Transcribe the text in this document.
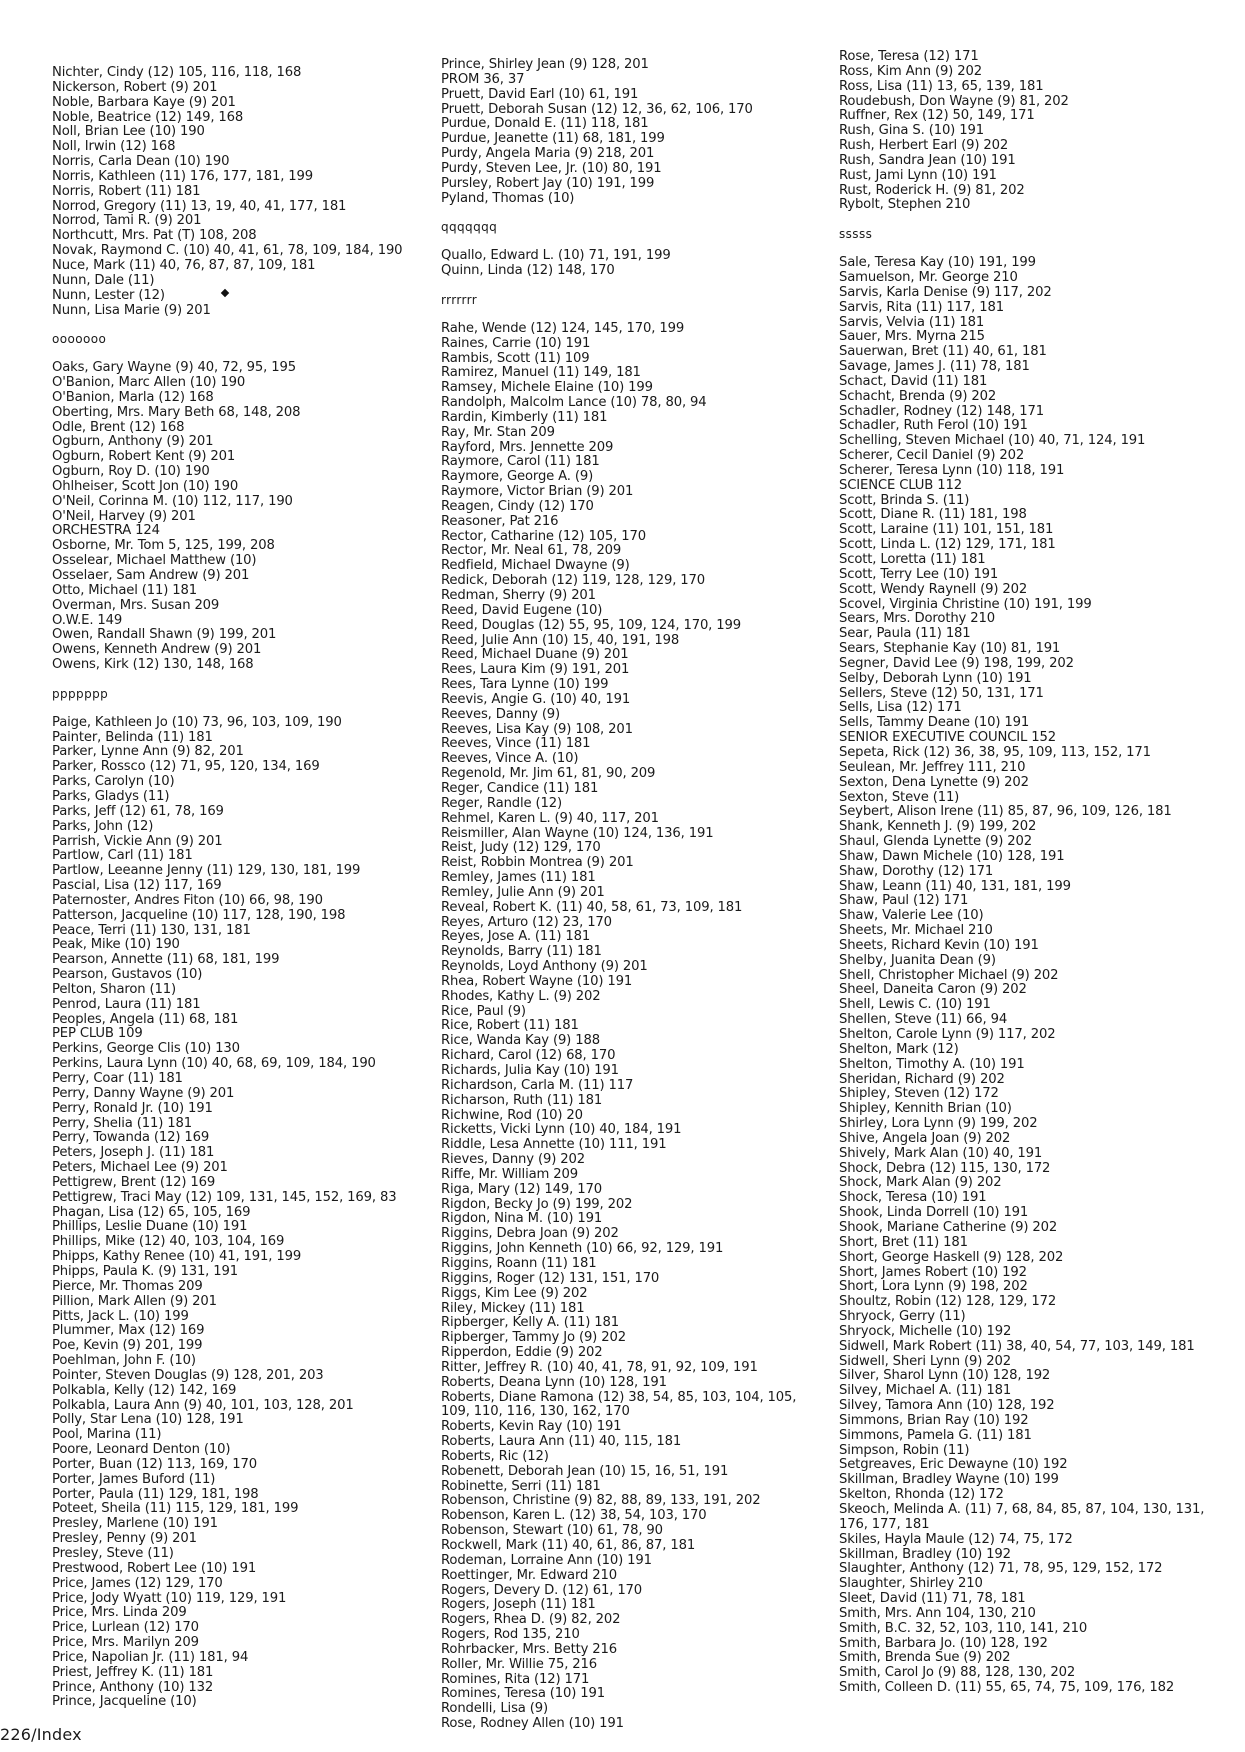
Nichter, Cindy (12) 105, 116, 118, 168
Nickerson, Robert (9) 201
Noble, Barbara Kaye (9) 201
Noble, Beatrice (12) 149, 168
Noll, Brian Lee (10) 190
Noll, Irwin (12) 168
Norris, Carla Dean (10) 190
Norris, Kathleen (11) 176, 177, 181, 199
Norris, Robert (11) 181
Norrod, Gregory (11) 13, 19, 40, 41, 177, 181
Norrod, Tami R. (9) 201
Northcutt, Mrs. Pat (T) 108, 208
Novak, Raymond C. (10) 40, 41, 61, 78, 109, 184, 190
Nuce, Mark (11) 40, 76, 87, 87, 109, 181
Nunn, Dale (11)
Nunn, Lester (12)
Nunn, Lisa Marie (9) 201
ooooooo
Oaks, Gary Wayne (9) 40, 72, 95, 195
O'Banion, Marc Allen (10) 190
O'Banion, Marla (12) 168
Oberting, Mrs. Mary Beth 68, 148, 208
Odle, Brent (12) 168
Ogburn, Anthony (9) 201
Ogburn, Robert Kent (9) 201
Ogburn, Roy D. (10) 190
Ohlheiser, Scott Jon (10) 190
O'Neil, Corinna M. (10) 112, 117, 190
O'Neil, Harvey (9) 201
ORCHESTRA 124
Osborne, Mr. Tom 5, 125, 199, 208
Osselear, Michael Matthew (10)
Osselaer, Sam Andrew (9) 201
Otto, Michael (11) 181
Overman, Mrs. Susan 209
O.W.E. 149
Owen, Randall Shawn (9) 199, 201
Owens, Kenneth Andrew (9) 201
Owens, Kirk (12) 130, 148, 168
ppppppp
Paige, Kathleen Jo (10) 73, 96, 103, 109, 190
Painter, Belinda (11) 181
Parker, Lynne Ann (9) 82, 201
Parker, Rossco (12) 71, 95, 120, 134, 169
Parks, Carolyn (10)
Parks, Gladys (11)
Parks, Jeff (12) 61, 78, 169
Parks, John (12)
Parrish, Vickie Ann (9) 201
Partlow, Carl (11) 181
Partlow, Leeanne Jenny (11) 129, 130, 181, 199
Pascial, Lisa (12) 117, 169
Paternoster, Andres Fiton (10) 66, 98, 190
Patterson, Jacqueline (10) 117, 128, 190, 198
Peace, Terri (11) 130, 131, 181
Peak, Mike (10) 190
Pearson, Annette (11) 68, 181, 199
Pearson, Gustavos (10)
Pelton, Sharon (11)
Penrod, Laura (11) 181
Peoples, Angela (11) 68, 181
PEP CLUB 109
Perkins, George Clis (10) 130
Perkins, Laura Lynn (10) 40, 68, 69, 109, 184, 190
Perry, Coar (11) 181
Perry, Danny Wayne (9) 201
Perry, Ronald Jr. (10) 191
Perry, Shelia (11) 181
Perry, Towanda (12) 169
Peters, Joseph J. (11) 181
Peters, Michael Lee (9) 201
Pettigrew, Brent (12) 169
Pettigrew, Traci May (12) 109, 131, 145, 152, 169, 83
Phagan, Lisa (12) 65, 105, 169
Phillips, Leslie Duane (10) 191
Phillips, Mike (12) 40, 103, 104, 169
Phipps, Kathy Renee (10) 41, 191, 199
Phipps, Paula K. (9) 131, 191
Pierce, Mr. Thomas 209
Pillion, Mark Allen (9) 201
Pitts, Jack L. (10) 199
Plummer, Max (12) 169
Poe, Kevin (9) 201, 199
Poehlman, John F. (10)
Pointer, Steven Douglas (9) 128, 201, 203
Polkabla, Kelly (12) 142, 169
Polkabla, Laura Ann (9) 40, 101, 103, 128, 201
Polly, Star Lena (10) 128, 191
Pool, Marina (11)
Poore, Leonard Denton (10)
Porter, Buan (12) 113, 169, 170
Porter, James Buford (11)
Porter, Paula (11) 129, 181, 198
Poteet, Sheila (11) 115, 129, 181, 199
Presley, Marlene (10) 191
Presley, Penny (9) 201
Presley, Steve (11)
Prestwood, Robert Lee (10) 191
Price, James (12) 129, 170
Price, Jody Wyatt (10) 119, 129, 191
Price, Mrs. Linda 209
Price, Lurlean (12) 170
Price, Mrs. Marilyn 209
Price, Napolian Jr. (11) 181, 94
Priest, Jeffrey K. (11) 181
Prince, Anthony (10) 132
Prince, Jacqueline (10)
Prince, Shirley Jean (9) 128, 201
PROM 36, 37
Pruett, David Earl (10) 61, 191
Pruett, Deborah Susan (12) 12, 36, 62, 106, 170
Purdue, Donald E. (11) 118, 181
Purdue, Jeanette (11) 68, 181, 199
Purdy, Angela Maria (9) 218, 201
Purdy, Steven Lee, Jr. (10) 80, 191
Pursley, Robert Jay (10) 191, 199
Pyland, Thomas (10)
qqqqqqq
Quallo, Edward L. (10) 71, 191, 199
Quinn, Linda (12) 148, 170
rrrrrrr
Rahe, Wende (12) 124, 145, 170, 199
Raines, Carrie (10) 191
Rambis, Scott (11) 109
Ramirez, Manuel (11) 149, 181
Ramsey, Michele Elaine (10) 199
Randolph, Malcolm Lance (10) 78, 80, 94
Rardin, Kimberly (11) 181
Ray, Mr. Stan 209
Rayford, Mrs. Jennette 209
Raymore, Carol (11) 181
Raymore, George A. (9)
Raymore, Victor Brian (9) 201
Reagen, Cindy (12) 170
Reasoner, Pat 216
Rector, Catharine (12) 105, 170
Rector, Mr. Neal 61, 78, 209
Redfield, Michael Dwayne (9)
Redick, Deborah (12) 119, 128, 129, 170
Redman, Sherry (9) 201
Reed, David Eugene (10)
Reed, Douglas (12) 55, 95, 109, 124, 170, 199
Reed, Julie Ann (10) 15, 40, 191, 198
Reed, Michael Duane (9) 201
Rees, Laura Kim (9) 191, 201
Rees, Tara Lynne (10) 199
Reevis, Angie G. (10) 40, 191
Reeves, Danny (9)
Reeves, Lisa Kay (9) 108, 201
Reeves, Vince (11) 181
Reeves, Vince A. (10)
Regenold, Mr. Jim 61, 81, 90, 209
Reger, Candice (11) 181
Reger, Randle (12)
Rehmel, Karen L. (9) 40, 117, 201
Reismiller, Alan Wayne (10) 124, 136, 191
Reist, Judy (12) 129, 170
Reist, Robbin Montrea (9) 201
Remley, James (11) 181
Remley, Julie Ann (9) 201
Reveal, Robert K. (11) 40, 58, 61, 73, 109, 181
Reyes, Arturo (12) 23, 170
Reyes, Jose A. (11) 181
Reynolds, Barry (11) 181
Reynolds, Loyd Anthony (9) 201
Rhea, Robert Wayne (10) 191
Rhodes, Kathy L. (9) 202
Rice, Paul (9)
Rice, Robert (11) 181
Rice, Wanda Kay (9) 188
Richard, Carol (12) 68, 170
Richards, Julia Kay (10) 191
Richardson, Carla M. (11) 117
Richarson, Ruth (11) 181
Richwine, Rod (10) 20
Ricketts, Vicki Lynn (10) 40, 184, 191
Riddle, Lesa Annette (10) 111, 191
Rieves, Danny (9) 202
Riffe, Mr. William 209
Riga, Mary (12) 149, 170
Rigdon, Becky Jo (9) 199, 202
Rigdon, Nina M. (10) 191
Riggins, Debra Joan (9) 202
Riggins, John Kenneth (10) 66, 92, 129, 191
Riggins, Roann (11) 181
Riggins, Roger (12) 131, 151, 170
Riggs, Kim Lee (9) 202
Riley, Mickey (11) 181
Ripberger, Kelly A. (11) 181
Ripberger, Tammy Jo (9) 202
Ripperdon, Eddie (9) 202
Ritter, Jeffrey R. (10) 40, 41, 78, 91, 92, 109, 191
Roberts, Deana Lynn (10) 128, 191
Roberts, Diane Ramona (12) 38, 54, 85, 103, 104, 105, 109, 110, 116, 130, 162, 170
Roberts, Kevin Ray (10) 191
Roberts, Laura Ann (11) 40, 115, 181
Roberts, Ric (12)
Robenett, Deborah Jean (10) 15, 16, 51, 191
Robinette, Serri (11) 181
Robenson, Christine (9) 82, 88, 89, 133, 191, 202
Robenson, Karen L. (12) 38, 54, 103, 170
Robenson, Stewart (10) 61, 78, 90
Rockwell, Mark (11) 40, 61, 86, 87, 181
Rodeman, Lorraine Ann (10) 191
Roettinger, Mr. Edward 210
Rogers, Devery D. (12) 61, 170
Rogers, Joseph (11) 181
Rogers, Rhea D. (9) 82, 202
Rogers, Rod 135, 210
Rohrbacker, Mrs. Betty 216
Roller, Mr. Willie 75, 216
Romines, Rita (12) 171
Romines, Teresa (10) 191
Rondelli, Lisa (9)
Rose, Rodney Allen (10) 191
Rose, Teresa (12) 171
Ross, Kim Ann (9) 202
Ross, Lisa (11) 13, 65, 139, 181
Roudebush, Don Wayne (9) 81, 202
Ruffner, Rex (12) 50, 149, 171
Rush, Gina S. (10) 191
Rush, Herbert Earl (9) 202
Rush, Sandra Jean (10) 191
Rust, Jami Lynn (10) 191
Rust, Roderick H. (9) 81, 202
Rybolt, Stephen 210
sssss
Sale, Teresa Kay (10) 191, 199
Samuelson, Mr. George 210
Sarvis, Karla Denise (9) 117, 202
Sarvis, Rita (11) 117, 181
Sarvis, Velvia (11) 181
Sauer, Mrs. Myrna 215
Sauerwan, Bret (11) 40, 61, 181
Savage, James J. (11) 78, 181
Schact, David (11) 181
Schacht, Brenda (9) 202
Schadler, Rodney (12) 148, 171
Schadler, Ruth Ferol (10) 191
Schelling, Steven Michael (10) 40, 71, 124, 191
Scherer, Cecil Daniel (9) 202
Scherer, Teresa Lynn (10) 118, 191
SCIENCE CLUB 112
Scott, Brinda S. (11)
Scott, Diane R. (11) 181, 198
Scott, Laraine (11) 101, 151, 181
Scott, Linda L. (12) 129, 171, 181
Scott, Loretta (11) 181
Scott, Terry Lee (10) 191
Scott, Wendy Raynell (9) 202
Scovel, Virginia Christine (10) 191, 199
Sears, Mrs. Dorothy 210
Sear, Paula (11) 181
Sears, Stephanie Kay (10) 81, 191
Segner, David Lee (9) 198, 199, 202
Selby, Deborah Lynn (10) 191
Sellers, Steve (12) 50, 131, 171
Sells, Lisa (12) 171
Sells, Tammy Deane (10) 191
SENIOR EXECUTIVE COUNCIL 152
Sepeta, Rick (12) 36, 38, 95, 109, 113, 152, 171
Seulean, Mr. Jeffrey 111, 210
Sexton, Dena Lynette (9) 202
Sexton, Steve (11)
Seybert, Alison Irene (11) 85, 87, 96, 109, 126, 181
Shank, Kenneth J. (9) 199, 202
Shaul, Glenda Lynette (9) 202
Shaw, Dawn Michele (10) 128, 191
Shaw, Dorothy (12) 171
Shaw, Leann (11) 40, 131, 181, 199
Shaw, Paul (12) 171
Shaw, Valerie Lee (10)
Sheets, Mr. Michael 210
Sheets, Richard Kevin (10) 191
Shelby, Juanita Dean (9)
Shell, Christopher Michael (9) 202
Sheel, Daneita Caron (9) 202
Shell, Lewis C. (10) 191
Shellen, Steve (11) 66, 94
Shelton, Carole Lynn (9) 117, 202
Shelton, Mark (12)
Shelton, Timothy A. (10) 191
Sheridan, Richard (9) 202
Shipley, Steven (12) 172
Shipley, Kennith Brian (10)
Shirley, Lora Lynn (9) 199, 202
Shive, Angela Joan (9) 202
Shively, Mark Alan (10) 40, 191
Shock, Debra (12) 115, 130, 172
Shock, Mark Alan (9) 202
Shock, Teresa (10) 191
Shook, Linda Dorrell (10) 191
Shook, Mariane Catherine (9) 202
Short, Bret (11) 181
Short, George Haskell (9) 128, 202
Short, James Robert (10) 192
Short, Lora Lynn (9) 198, 202
Shoultz, Robin (12) 128, 129, 172
Shryock, Gerry (11)
Shryock, Michelle (10) 192
Sidwell, Mark Robert (11) 38, 40, 54, 77, 103, 149, 181
Sidwell, Sheri Lynn (9) 202
Silver, Sharol Lynn (10) 128, 192
Silvey, Michael A. (11) 181
Silvey, Tamora Ann (10) 128, 192
Simmons, Brian Ray (10) 192
Simmons, Pamela G. (11) 181
Simpson, Robin (11)
Setgreaves, Eric Dewayne (10) 192
Skillman, Bradley Wayne (10) 199
Skelton, Rhonda (12) 172
Skeoch, Melinda A. (11) 7, 68, 84, 85, 87, 104, 130, 131, 176, 177, 181
Skiles, Hayla Maule (12) 74, 75, 172
Skillman, Bradley (10) 192
Slaughter, Anthony (12) 71, 78, 95, 129, 152, 172
Slaughter, Shirley 210
Sleet, David (11) 71, 78, 181
Smith, Mrs. Ann 104, 130, 210
Smith, B.C. 32, 52, 103, 110, 141, 210
Smith, Barbara Jo. (10) 128, 192
Smith, Brenda Sue (9) 202
Smith, Carol Jo (9) 88, 128, 130, 202
Smith, Colleen D. (11) 55, 65, 74, 75, 109, 176, 182
226/Index
